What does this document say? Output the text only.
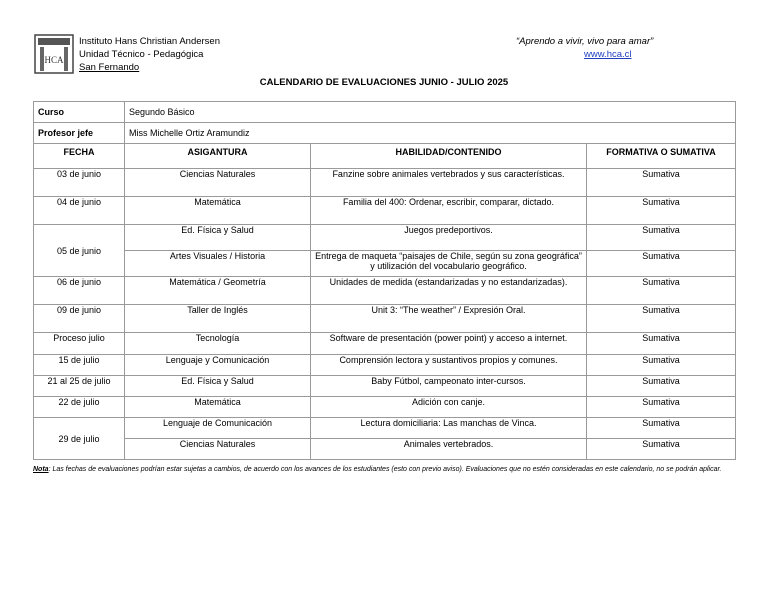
HCA
Instituto Hans Christian Andersen
Unidad Técnico - Pedagógica
San Fernando
“Aprendo a vivir, vivo para amar”
www.hca.cl
CALENDARIO DE EVALUACIONES JUNIO - JULIO 2025
Curso	Segundo Básico		
Profesor jefe	Miss Michelle Ortiz Aramundiz		
FECHA	ASIGANTURA	HABILIDAD/CONTENIDO	FORMATIVA O SUMATIVA
03 de junio	Ciencias Naturales	Fanzine sobre animales vertebrados y sus características.	Sumativa
04 de junio	Matemática	Familia del 400: Ordenar, escribir, comparar, dictado.	Sumativa
05 de junio	Ed. Física y Salud	Juegos predeportivos.	Sumativa
	Artes Visuales / Historia	Entrega de maqueta “paisajes de Chile, según su zona geográfica” y utilización del vocabulario geográfico.	Sumativa
06 de junio	Matemática / Geometría	Unidades de medida (estandarizadas y no estandarizadas).	Sumativa
09 de junio	Taller de Inglés	Unit 3: “The weather” / Expresión Oral.	Sumativa
Proceso julio	Tecnología	Software de presentación (power point) y acceso a internet.	Sumativa
15 de julio	Lenguaje y Comunicación	Comprensión lectora y sustantivos propios y comunes.	Sumativa
21 al 25 de julio	Ed. Física y Salud	Baby Fútbol, campeonato inter-cursos.	Sumativa
22 de julio	Matemática	Adición con canje.	Sumativa
29 de julio	Lenguaje de Comunicación	Lectura domiciliaria: Las manchas de Vinca.	Sumativa
	Ciencias Naturales	Animales vertebrados.	Sumativa
Nota: Las fechas de evaluaciones podrían estar sujetas a cambios, de acuerdo con los avances de los estudiantes (esto con previo aviso). Evaluaciones que no estén consideradas en este calendario, no se podrán aplicar.
